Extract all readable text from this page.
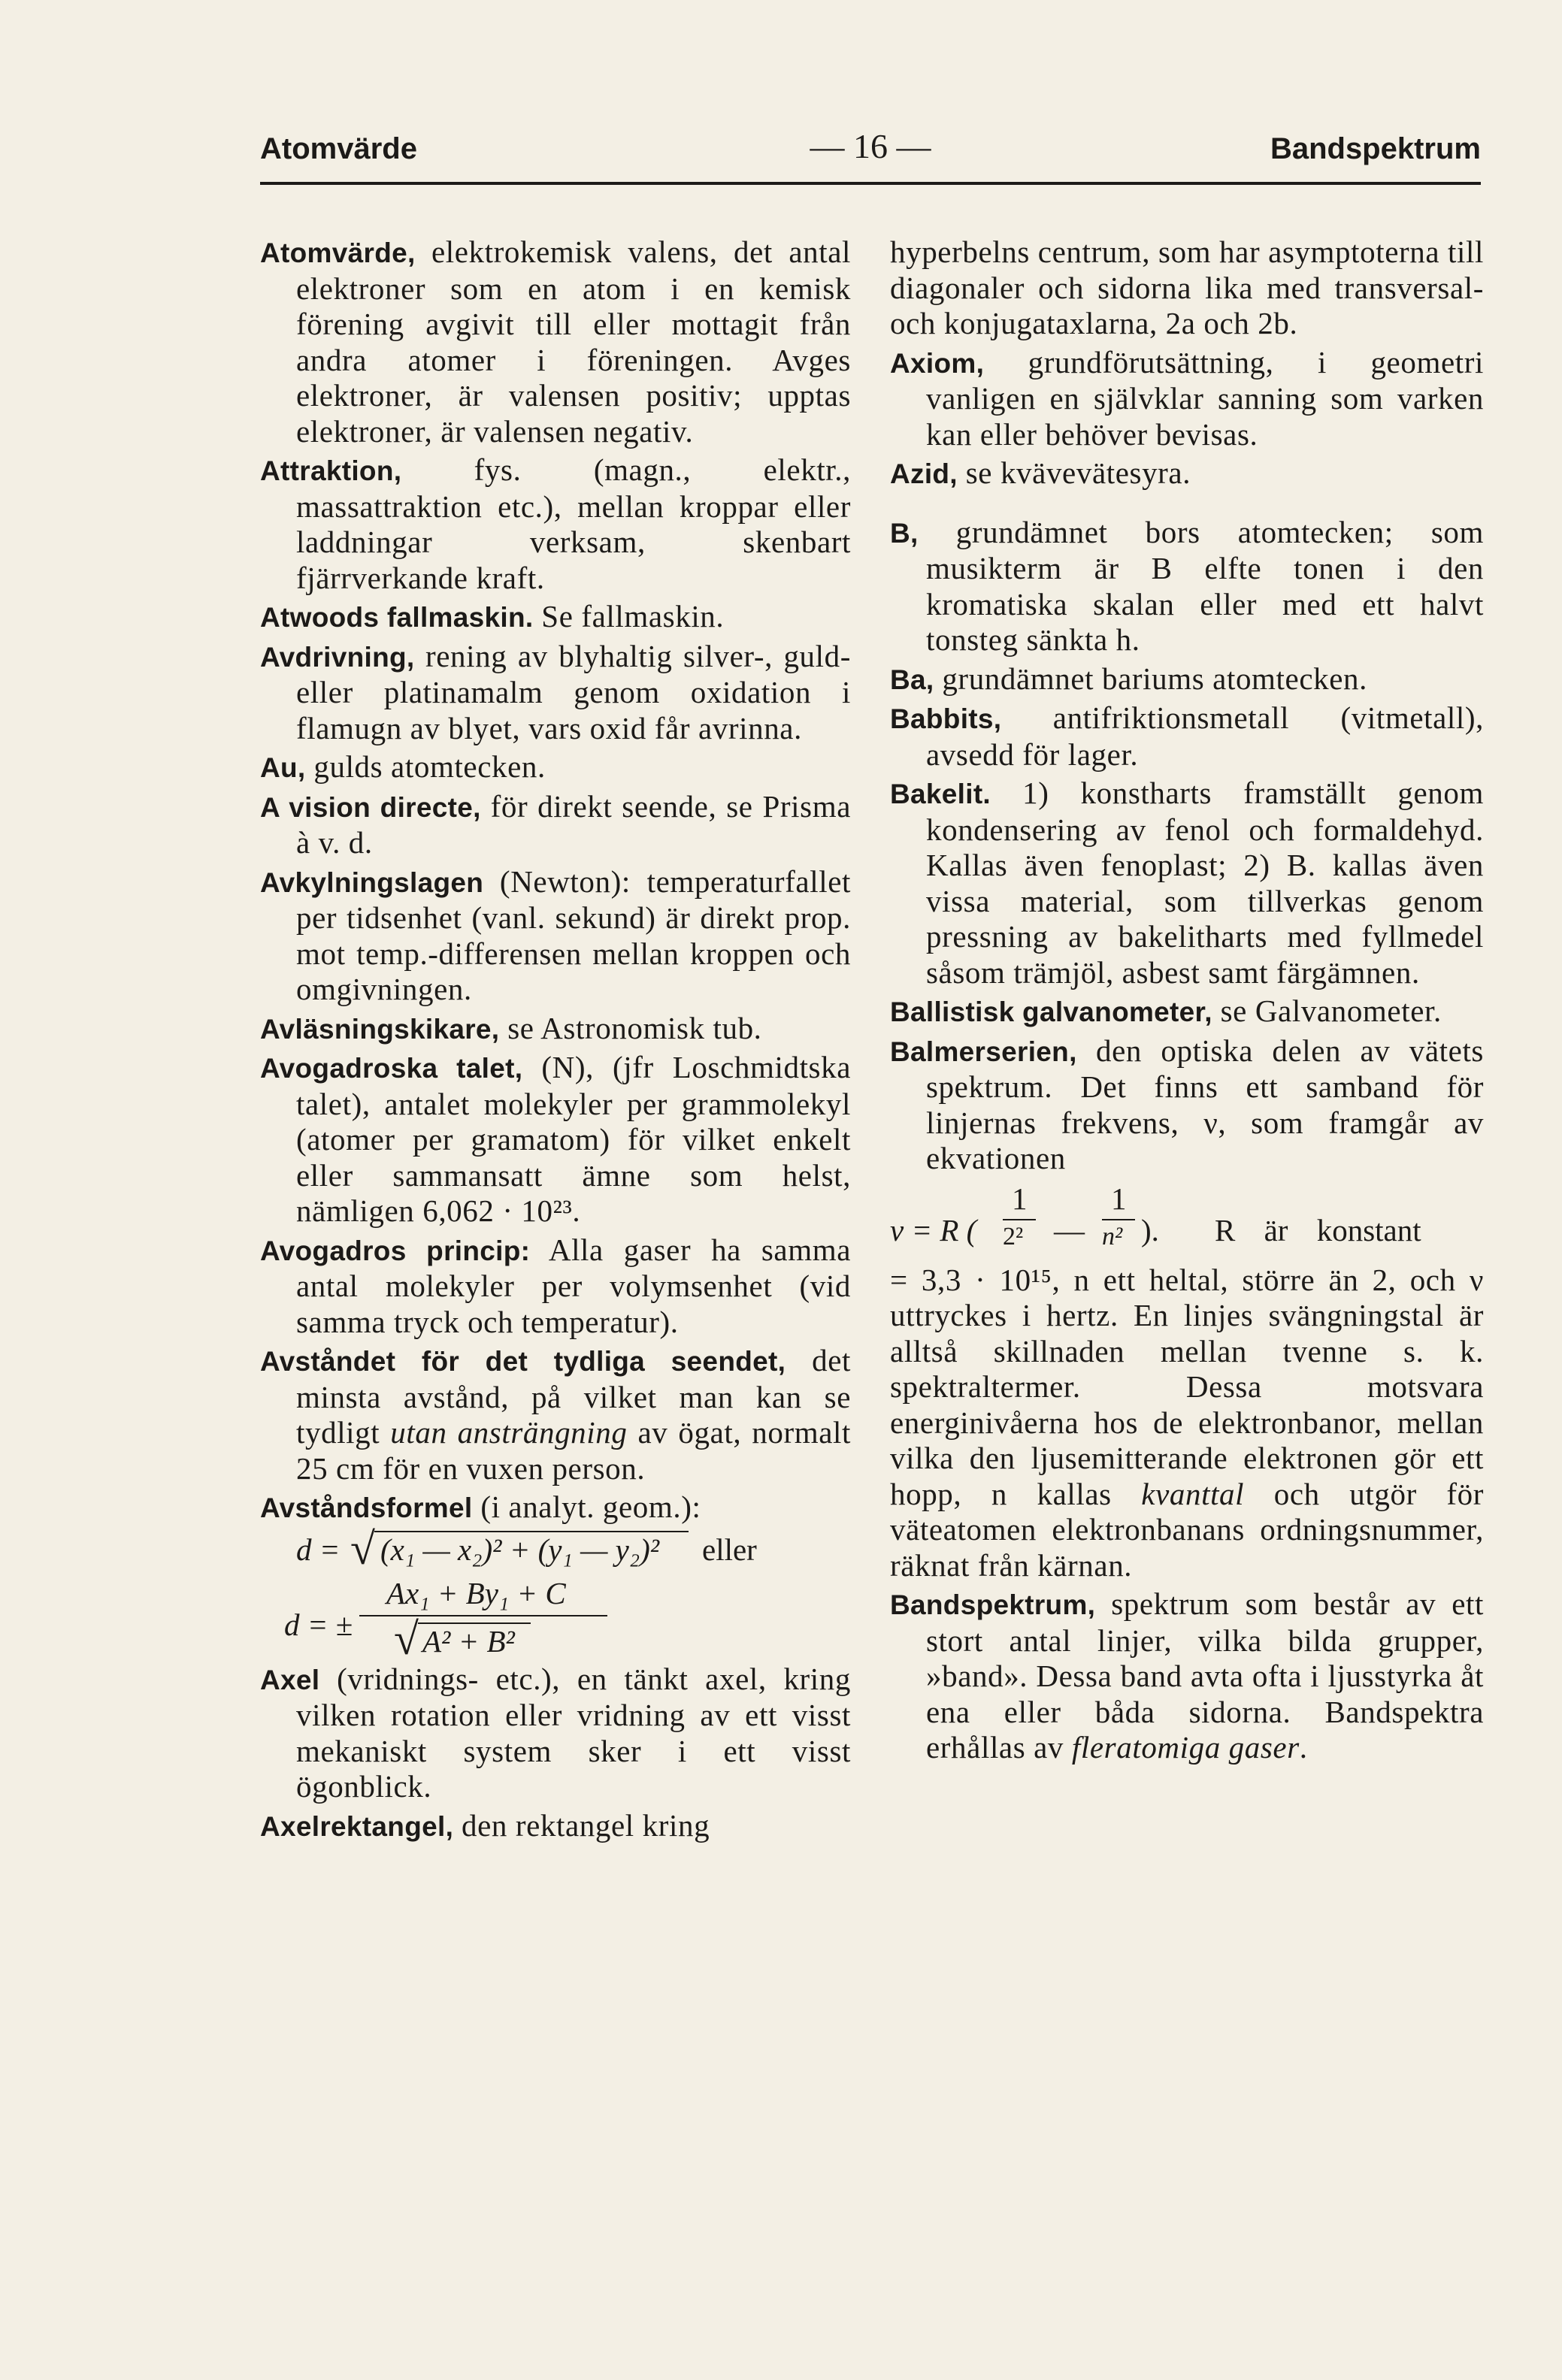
Atomvärde	— 16 —	Bandspektrum

Atomvärde, elektrokemisk valens, det antal elektroner som en atom i en kemisk förening avgivit till eller mottagit från andra atomer i föreningen. Avges elektroner, är valensen positiv; upptas elektroner, är valensen negativ.

Attraktion, fys. (magn., elektr., massattraktion etc.), mellan kroppar eller laddningar verksam, skenbart fjärrverkande kraft.

Atwoods fallmaskin. Se fallmaskin.

Avdrivning, rening av blyhaltig silver-, guld- eller platinamalm genom oxidation i flamugn av blyet, vars oxid får avrinna.

Au, gulds atomtecken.

A vision directe, för direkt seende, se Prisma à v. d.

Avkylningslagen (Newton): temperaturfallet per tidsenhet (vanl. sekund) är direkt prop. mot temp.-differensen mellan kroppen och omgivningen.

Avläsningskikare, se Astronomisk tub.

Avogadroska talet, (N), (jfr Loschmidtska talet), antalet molekyler per grammolekyl (atomer per gramatom) för vilket enkelt eller sammansatt ämne som helst, nämligen 6,062 · 10²³.

Avogadros princip: Alla gaser ha samma antal molekyler per volymsenhet (vid samma tryck och temperatur).

Avståndet för det tydliga seendet, det minsta avstånd, på vilket man kan se tydligt utan ansträngning av ögat, normalt 25 cm för en vuxen person.

Avståndsformel (i analyt. geom.):

d = √ (x₁ — x₂)² + (y₁ — y₂)² eller
d = ±
Ax₁ + By₁ + C
√ A² + B²

Axel (vridnings- etc.), en tänkt axel, kring vilken rotation eller vridning av ett visst mekaniskt system sker i ett visst ögonblick.

Axelrektangel, den rektangel kring

hyperbelns centrum, som har asymptoterna till diagonaler och sidorna lika med transversal- och konjugataxlarna, 2a och 2b.

Axiom, grundförutsättning, i geometri vanligen en självklar sanning som varken kan eller behöver bevisas.

Azid, se kvävevätesyra.

B, grundämnet bors atomtecken; som musikterm är B elfte tonen i den kromatiska skalan eller med ett halvt tonsteg sänkta h.

Ba, grundämnet bariums atomtecken.

Babbits, antifriktionsmetall (vitmetall), avsedd för lager.

Bakelit. 1) konstharts framställt genom kondensering av fenol och formaldehyd. Kallas även fenoplast; 2) B. kallas även vissa material, som tillverkas genom pressning av bakelitharts med fyllmedel såsom trämjöl, asbest samt färgämnen.

Ballistisk galvanometer, se Galvanometer.

Balmerserien, den optiska delen av vätets spektrum. Det finns ett samband för linjernas frekvens, ν, som framgår av ekvationen

ν = R (
1
2² —
1
n² ). R är konstant

= 3,3 · 10¹⁵, n ett heltal, större än 2, och ν uttryckes i hertz. En linjes svängningstal är alltså skillnaden mellan tvenne s. k. spektraltermer. Dessa motsvara energinivåerna hos de elektronbanor, mellan vilka den ljusemitterande elektronen gör ett hopp, n kallas kvanttal och utgör för väteatomen elektronbanans ordningsnummer, räknat från kärnan.

Bandspektrum, spektrum som består av ett stort antal linjer, vilka bilda grupper, »band». Dessa band avta ofta i ljusstyrka åt ena eller båda sidorna. Bandspektra erhållas av fleratomiga gaser.
